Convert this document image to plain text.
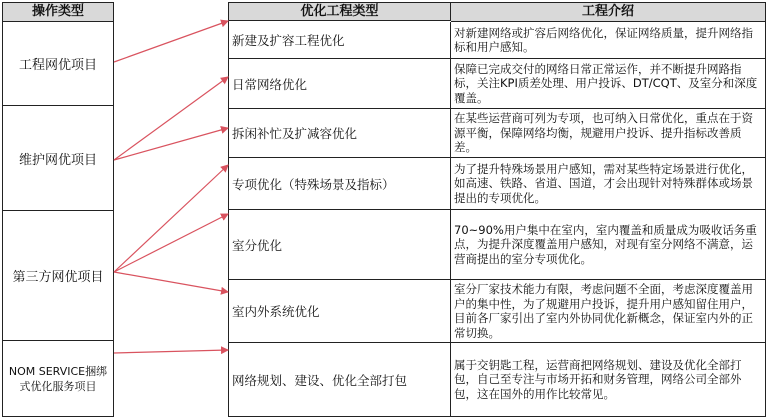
操作类型
工程网优项目
维护网优项目
第三方网优项目
NOM SERVICE捆绑式优化服务项目
优化工程类型	工程介绍
新建及扩容工程优化
对新建网络或扩容后网络优化，保证网络质量，提升网络指标和用户感知。
日常网络优化
保障已完成交付的网络日常正常运作，并不断提升网路指标，关注KPI质差处理、用户投诉、DT/CQT、及室分和深度覆盖。
拆闲补忙及扩减容优化
在某些运营商可列为专项，也可纳入日常优化，重点在于资源平衡，保障网络均衡，规避用户投诉、提升指标改善质差。
专项优化（特殊场景及指标）
为了提升特殊场景用户感知，需对某些特定场景进行优化，如高速、铁路、省道、国道，才会出现针对特殊群体或场景提出的专项优化。
室分优化
70~90%用户集中在室内，室内覆盖和质量成为吸收话务重点，为提升深度覆盖用户感知，对现有室分网络不满意，运营商提出的室分专项优化。
室内外系统优化
室分厂家技术能力有限，考虑问题不全面，考虑深度覆盖用户的集中性，为了规避用户投诉，提升用户感知留住用户，目前各厂家引出了室内外协同优化新概念，保证室内外的正常切换。
网络规划、建设、优化全部打包
属于交钥匙工程，运营商把网络规划、建设及优化全部打包，自己至专注与市场开拓和财务管理，网络公司全部外包，这在国外的用作比较常见。
